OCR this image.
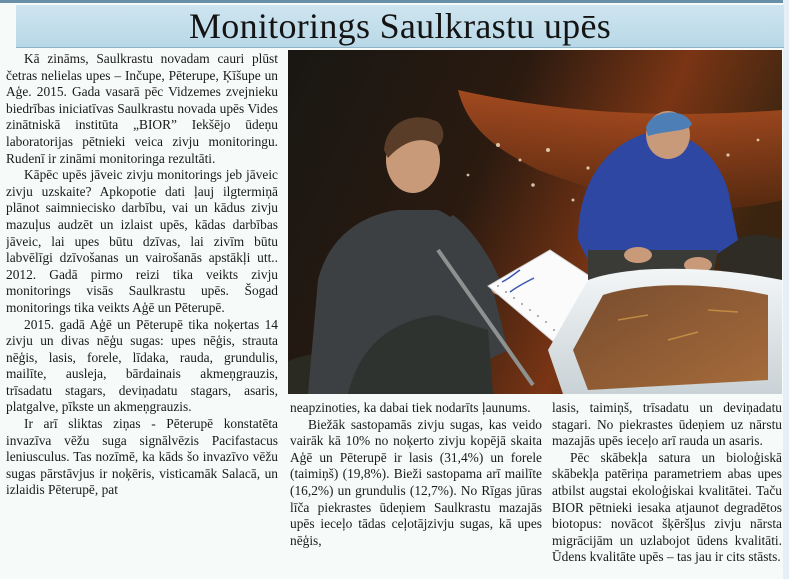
Monitorings Saulkrastu upēs

Kā zināms, Saulkrastu novadam cauri plūst četras nelielas upes – Inčupe, Pēterupe, Ķīšupe un Aģe. 2015. Gada vasarā pēc Vidzemes zvejnieku biedrības iniciatīvas Saulkrastu novada upēs Vides zinātniskā institūta „BIOR” Iekšējo ūdeņu laboratorijas pētnieki veica zivju monitoringu. Rudenī ir zināmi monitoringa rezultāti.

Kāpēc upēs jāveic zivju monitorings jeb jāveic zivju uzskaite? Apkopotie dati ļauj ilgtermiņā plānot saimniecisko darbību, vai un kādus zivju mazuļus audzēt un izlaist upēs, kādas darbības jāveic, lai upes būtu dzīvas, lai zivīm būtu labvēlīgi dzīvošanas un vairošanās apstākļi utt.. 2012. Gadā pirmo reizi tika veikts zivju monitorings visās Saulkrastu upēs. Šogad monitorings tika veikts Aģē un Pēterupē.

2015. gadā Aģē un Pēterupē tika noķertas 14 zivju un divas nēģu sugas: upes nēģis, strauta nēģis, lasis, forele, līdaka, rauda, grundulis, mailīte, ausleja, bārdainais akmeņgrauzis, trīsadatu stagars, deviņadatu stagars, asaris, platgalve, pīkste un akmeņgrauzis.

Ir arī sliktas ziņas - Pēterupē konstatēta invazīva vēžu suga signālvēzis Pacifastacus leniusculus. Tas nozīmē, ka kāds šo invazīvo vēžu sugas pārstāvjus ir noķēris, visticamāk Salacā, un izlaidis Pēterupē, pat

neapzinoties, ka dabai tiek nodarīts ļaunums.

Biežāk sastopamās zivju sugas, kas veido vairāk kā 10% no noķerto zivju kopējā skaita Aģē un Pēterupē ir lasis (31,4%) un forele (taimiņš) (19,8%). Bieži sastopama arī mailīte (16,2%) un grundulis (12,7%). No Rīgas jūras līča piekrastes ūdeņiem Saulkrastu mazajās upēs ieceļo tādas ceļotājzivju sugas, kā upes nēģis,

lasis, taimiņš, trīsadatu un deviņadatu stagari. No piekrastes ūdeņiem uz nārstu mazajās upēs ieceļo arī rauda un asaris.

Pēc skābekļa satura un bioloģiskā skābekļa patēriņa parametriem abas upes atbilst augstai ekoloģiskai kvalitātei. Taču BIOR pētnieki iesaka atjaunot degradētos biotopus: novācot šķēršļus zivju nārsta migrācijām un uzlabojot ūdens kvalitāti. Ūdens kvalitāte upēs – tas jau ir cits stāsts.
